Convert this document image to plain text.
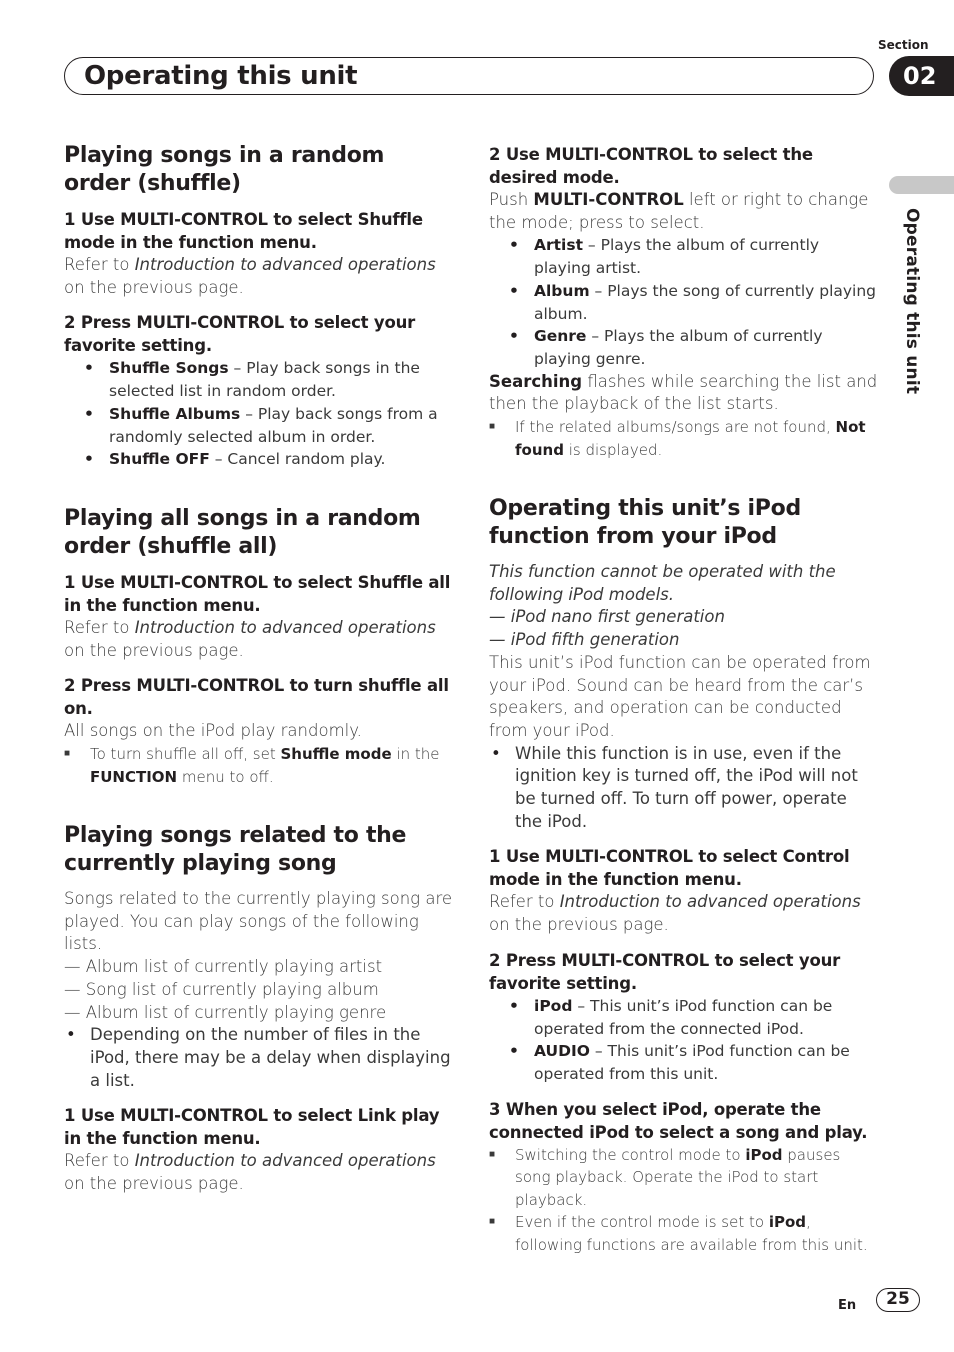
Operating this unit
Section
02
Operating this unit
Playing songs in a random order (shuffle)
1 Use MULTI-CONTROL to select Shuffle mode in the function menu.

Refer to Introduction to advanced operations on the previous page.

2 Press MULTI-CONTROL to select your favorite setting.
• Shuffle Songs – Play back songs in the selected list in random order.
• Shuffle Albums – Play back songs from a randomly selected album in order.
• Shuffle OFF – Cancel random play.
Playing all songs in a random order (shuffle all)
1 Use MULTI-CONTROL to select Shuffle all in the function menu.

Refer to Introduction to advanced operations on the previous page.

2 Press MULTI-CONTROL to turn shuffle all on.

All songs on the iPod play randomly.

■ To turn shuffle all off, set Shuffle mode in the FUNCTION menu to off.

Playing songs related to the currently playing song

Songs related to the currently playing song are played. You can play songs of the following lists.

— Album list of currently playing artist

— Song list of currently playing album

— Album list of currently playing genre

• Depending on the number of files in the iPod, there may be a delay when displaying a list.
1 Use MULTI-CONTROL to select Link play in the function menu.

Refer to Introduction to advanced operations on the previous page.

2 Use MULTI-CONTROL to select the desired mode.

Push MULTI-CONTROL left or right to change the mode; press to select.

• Artist – Plays the album of currently playing artist.
• Album – Plays the song of currently playing album.
• Genre – Plays the album of currently playing genre.

Searching flashes while searching the list and then the playback of the list starts.

■ If the related albums/songs are not found, Not found is displayed.

Operating this unit’s iPod function from your iPod

This function cannot be operated with the following iPod models.

— iPod nano first generation

— iPod fifth generation

This unit’s iPod function can be operated from your iPod. Sound can be heard from the car’s speakers, and operation can be conducted from your iPod.

• While this function is in use, even if the ignition key is turned off, the iPod will not be turned off. To turn off power, operate the iPod.
1 Use MULTI-CONTROL to select Control mode in the function menu.

Refer to Introduction to advanced operations on the previous page.

2 Press MULTI-CONTROL to select your favorite setting.
• iPod – This unit’s iPod function can be operated from the connected iPod.
• AUDIO – This unit’s iPod function can be operated from this unit.
3 When you select iPod, operate the connected iPod to select a song and play.

■ Switching the control mode to iPod pauses song playback. Operate the iPod to start playback.

■ Even if the control mode is set to iPod, following functions are available from this unit.

En	25
